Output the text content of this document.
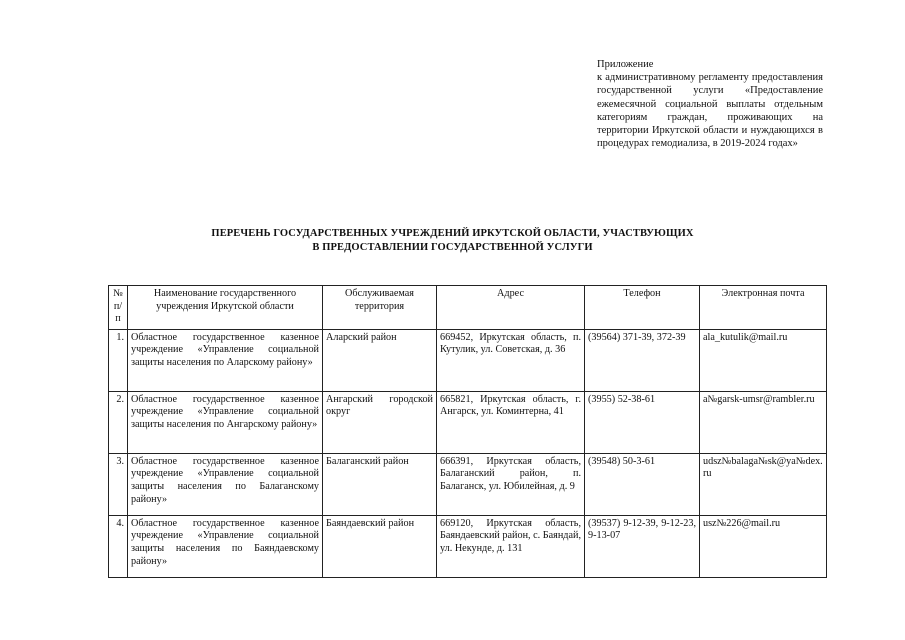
Приложение
к административному регламенту предоставления государственной услуги «Предоставление ежемесячной социальной выплаты отдельным категориям граждан, проживающих на территории Иркутской области и нуждающихся в процедурах гемодиализа, в 2019-2024 годах»
ПЕРЕЧЕНЬ ГОСУДАРСТВЕННЫХ УЧРЕЖДЕНИЙ ИРКУТСКОЙ ОБЛАСТИ, УЧАСТВУЮЩИХ
В ПРЕДОСТАВЛЕНИИ ГОСУДАРСТВЕННОЙ УСЛУГИ
№ п/п	Наименование государственного учреждения Иркутской области	Обслуживаемая территория	Адрес	Телефон	Электронная почта
1.	Областное государственное казенное учреждение «Управление социальной защиты населения по Аларскому району»	Аларский район	669452, Иркутская область, п. Кутулик, ул. Советская, д. 36	(39564) 371-39, 372-39	ala_kutulik@mail.ru
2.	Областное государственное казенное учреждение «Управление социальной защиты населения по Ангарскому району»	Ангарский городской округ	665821, Иркутская область, г. Ангарск, ул. Коминтерна, 41	(3955) 52-38-61	a№garsk-umsr@rambler.ru
3.	Областное государственное казенное учреждение «Управление социальной защиты населения по Балаганскому району»	Балаганский район	666391, Иркутская область, Балаганский район, п. Балаганск, ул. Юбилейная, д. 9	(39548) 50-3-61	udsz№balaga№sk@ya№dex.ru
4.	Областное государственное казенное учреждение «Управление социальной защиты населения по Баяндаевскому району»	Баяндаевский район	669120, Иркутская область, Баяндаевский район, с. Баяндай, ул. Некунде, д. 131	(39537) 9-12-39, 9-12-23, 9-13-07	usz№226@mail.ru
